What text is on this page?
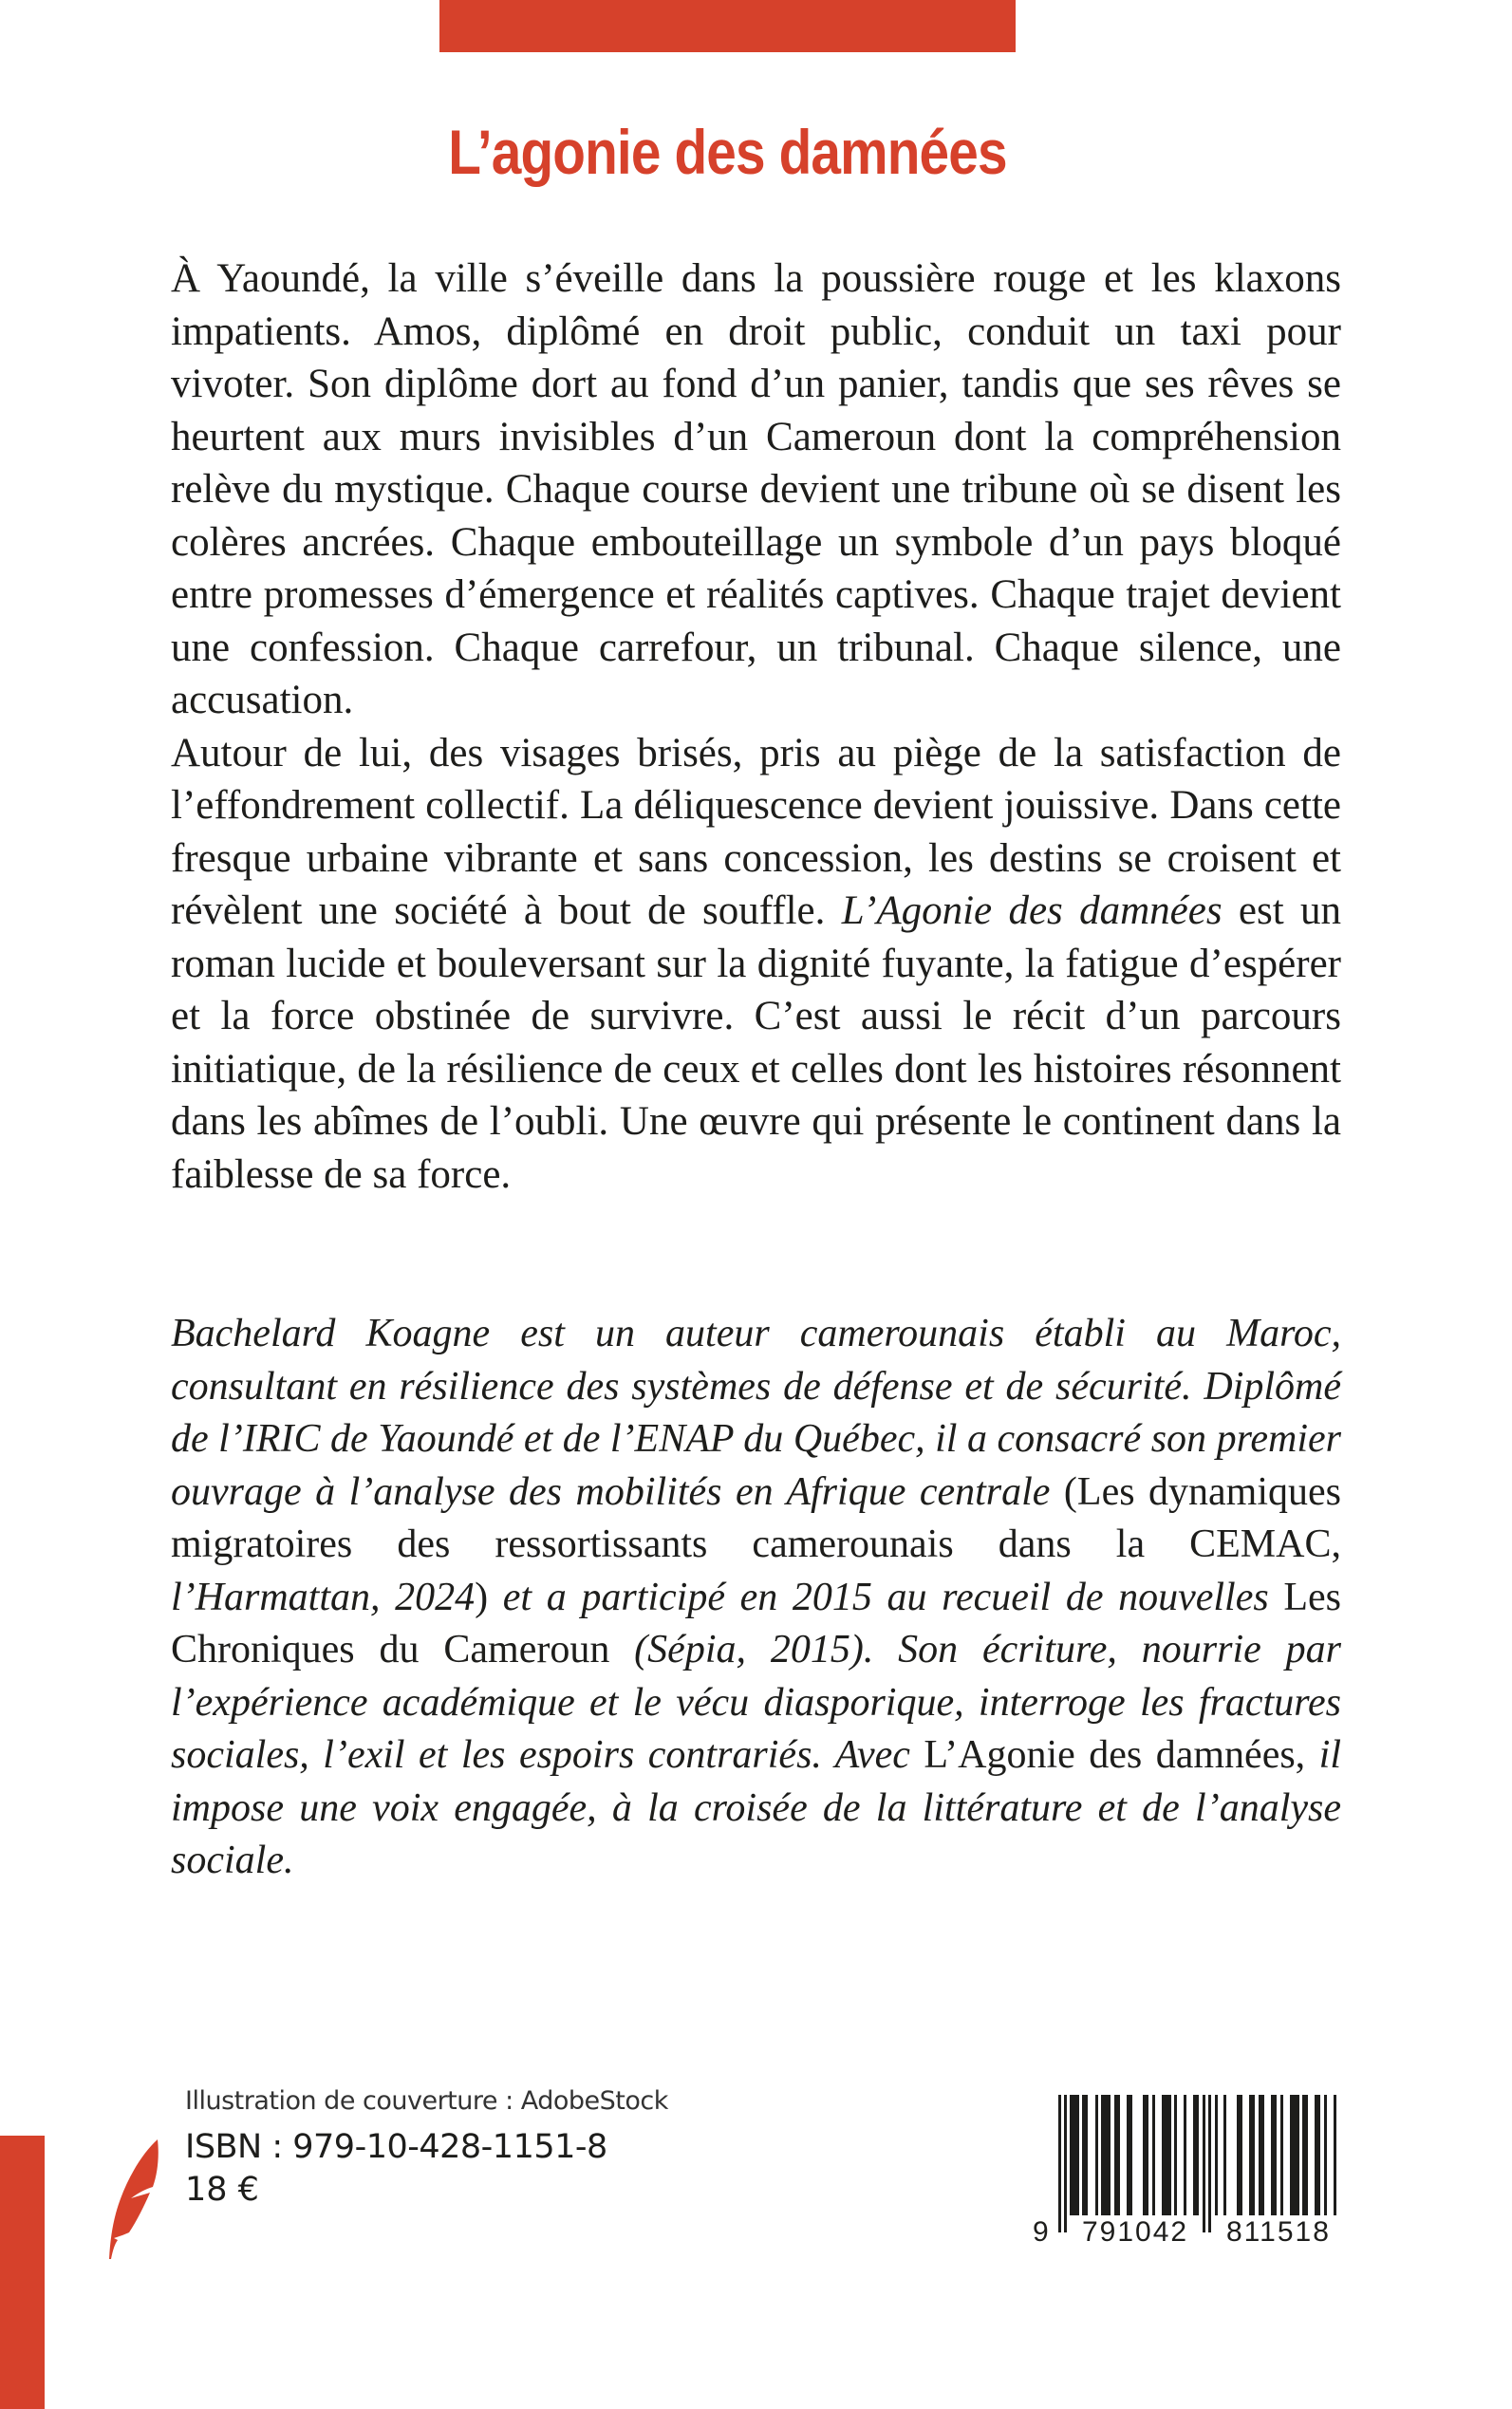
L’agonie des damnées

À Yaoundé, la ville s’éveille dans la poussière rouge et les klaxons impatients. Amos, diplômé en droit public, conduit un taxi pour vivoter. Son diplôme dort au fond d’un panier, tandis que ses rêves se heurtent aux murs invisibles d’un Cameroun dont la compréhension relève du mystique. Chaque course devient une tribune où se disent les colères ancrées. Chaque embouteillage un symbole d’un pays bloqué entre promesses d’émergence et réalités captives. Chaque trajet devient une confession. Chaque carrefour, un tribunal. Chaque silence, une accusation.

Autour de lui, des visages brisés, pris au piège de la satisfaction de l’effondrement collectif. La déliquescence devient jouissive. Dans cette fresque urbaine vibrante et sans concession, les destins se croisent et révèlent une société à bout de souffle. L’Agonie des damnées est un roman lucide et bouleversant sur la dignité fuyante, la fatigue d’espérer et la force obstinée de survivre. C’est aussi le récit d’un parcours initiatique, de la résilience de ceux et celles dont les histoires résonnent dans les abîmes de l’oubli. Une œuvre qui présente le continent dans la faiblesse de sa force.

Bachelard Koagne est un auteur camerounais établi au Maroc, consultant en résilience des systèmes de défense et de sécurité. Diplômé de l’IRIC de Yaoundé et de l’ENAP du Québec, il a consacré son premier ouvrage à l’analyse des mobilités en Afrique centrale (Les dynamiques migratoires des ressortissants camerounais dans la CEMAC, l’Harmattan, 2024) et a participé en 2015 au recueil de nouvelles Les Chroniques du Cameroun (Sépia, 2015). Son écriture, nourrie par l’expérience académique et le vécu diasporique, interroge les fractures sociales, l’exil et les espoirs contrariés. Avec L’Agonie des damnées, il impose une voix engagée, à la croisée de la littérature et de l’analyse sociale.

Illustration de couverture : AdobeStock
ISBN : 979-10-428-1151-8
18 €
9 791042 811518
